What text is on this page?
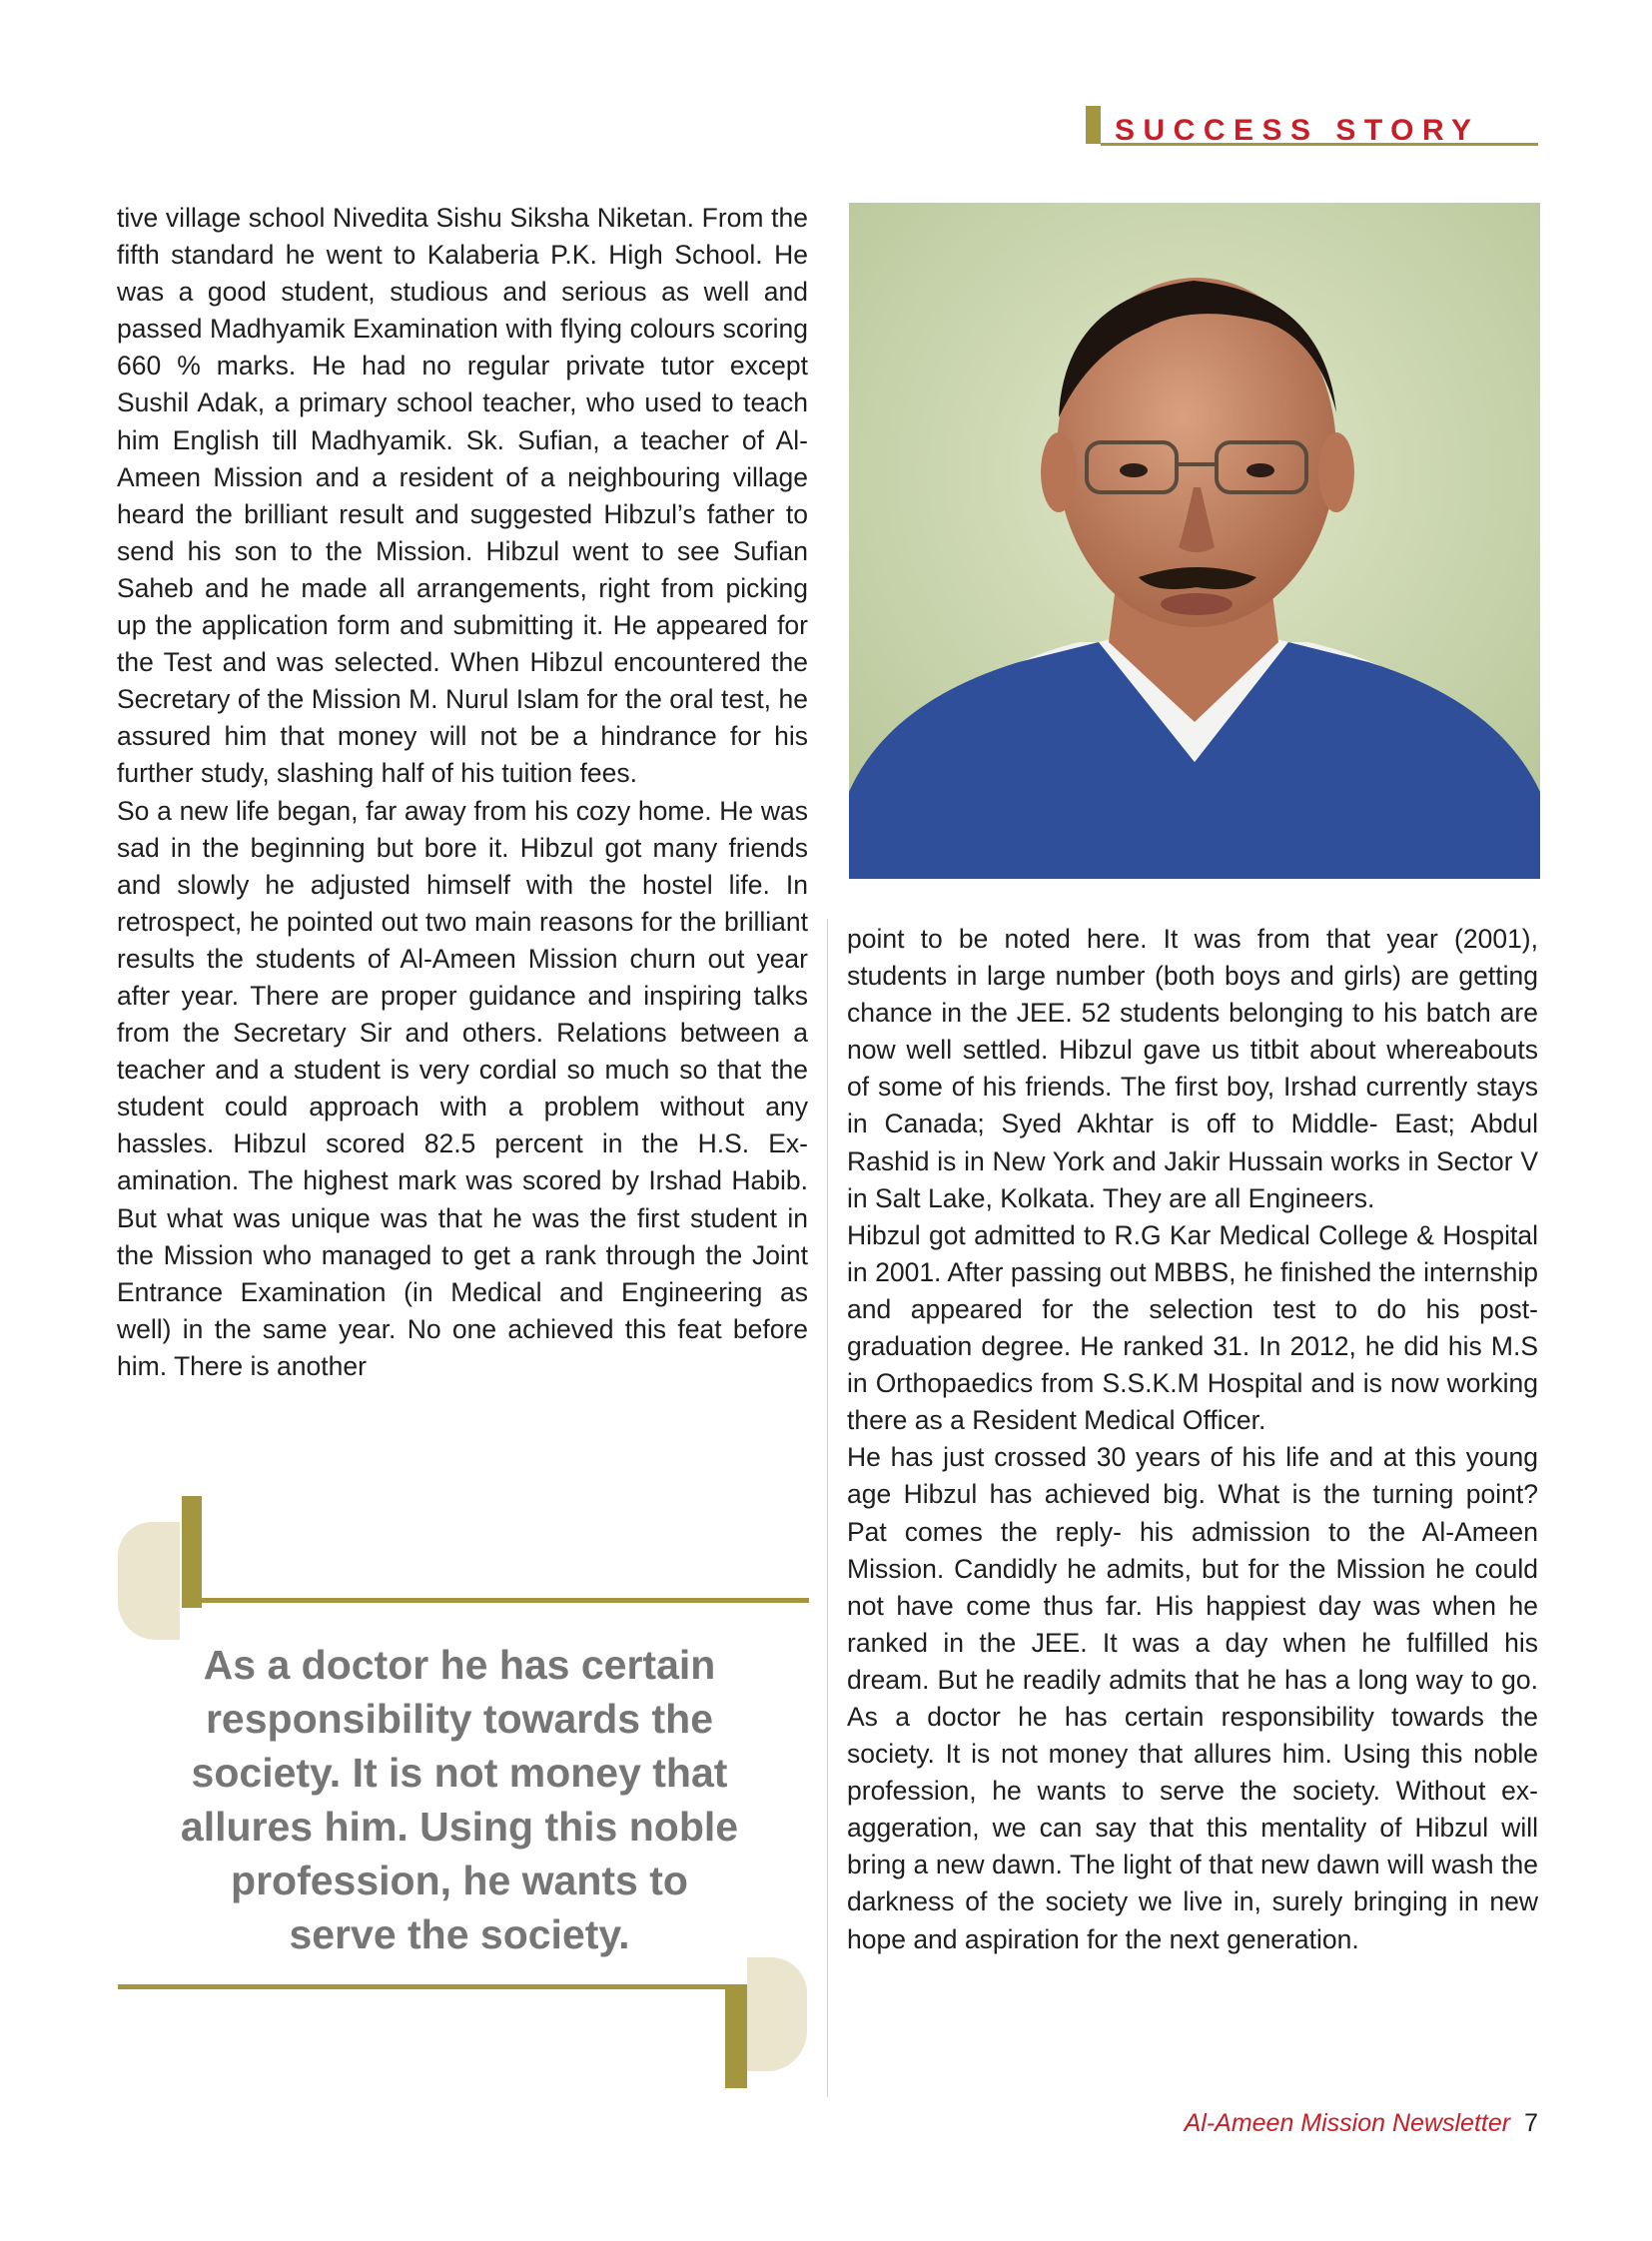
SUCCESS STORY

tive village school Nivedita Sishu Siksha Niketan. From the fifth standard he went to Kalaberia P.K. High School. He was a good student, studious and serious as well and passed Madhyamik Examination with flying colours scoring 660 % marks. He had no regular private tutor except Sushil Adak, a primary school teacher, who used to teach him English till Madhyamik. Sk. Sufian, a teacher of Al-Ameen Mission and a resident of a neighbouring village heard the brilliant result and suggested Hibzul’s father to send his son to the Mission. Hibzul went to see Sufian Saheb and he made all arrangements, right from picking up the application form and submitting it. He appeared for the Test and was selected. When Hibzul encountered the Secretary of the Mission M. Nurul Islam for the oral test, he assured him that money will not be a hindrance for his further study, slashing half of his tuition fees.

So a new life began, far away from his cozy home. He was sad in the beginning but bore it. Hibzul got many friends and slowly he adjusted himself with the hostel life. In retrospect, he pointed out two main reasons for the brilliant results the students of Al-Ameen Mission churn out year after year. There are proper guidance and inspiring talks from the Secretary Sir and others. Relations between a teacher and a student is very cordial so much so that the student could approach with a problem without any hassles. Hibzul scored 82.5 percent in the H.S. Examination. The highest mark was scored by Irshad Habib. But what was unique was that he was the first student in the Mission who managed to get a rank through the Joint Entrance Examination (in Medical and Engineering as well) in the same year. No one achieved this feat before him. There is another

point to be noted here. It was from that year (2001), students in large number (both boys and girls) are getting chance in the JEE. 52 students belonging to his batch are now well settled. Hibzul gave us titbit about whereabouts of some of his friends. The first boy, Irshad currently stays in Canada; Syed Akhtar is off to Middle- East; Abdul Rashid is in New York and Jakir Hussain works in Sector V in Salt Lake, Kolkata. They are all Engineers.

Hibzul got admitted to R.G Kar Medical College & Hospital in 2001. After passing out MBBS, he finished the internship and appeared for the selection test to do his post-graduation degree. He ranked 31. In 2012, he did his M.S in Orthopaedics from S.S.K.M Hospital and is now working there as a Resident Medical Officer.

He has just crossed 30 years of his life and at this young age Hibzul has achieved big. What is the turning point? Pat comes the reply- his admission to the Al-Ameen Mission. Candidly he admits, but for the Mission he could not have come thus far. His happiest day was when he ranked in the JEE. It was a day when he fulfilled his dream. But he readily admits that he has a long way to go. As a doctor he has certain responsibility towards the society. It is not money that allures him. Using this noble profession, he wants to serve the society. Without exaggeration, we can say that this mentality of Hibzul will bring a new dawn. The light of that new dawn will wash the darkness of the society we live in, surely bringing in new hope and aspiration for the next generation.

As a doctor he has certain
responsibility towards the
society. It is not money that
allures him. Using this noble
profession, he wants to
serve the society.
Al-Ameen Mission Newsletter 7
